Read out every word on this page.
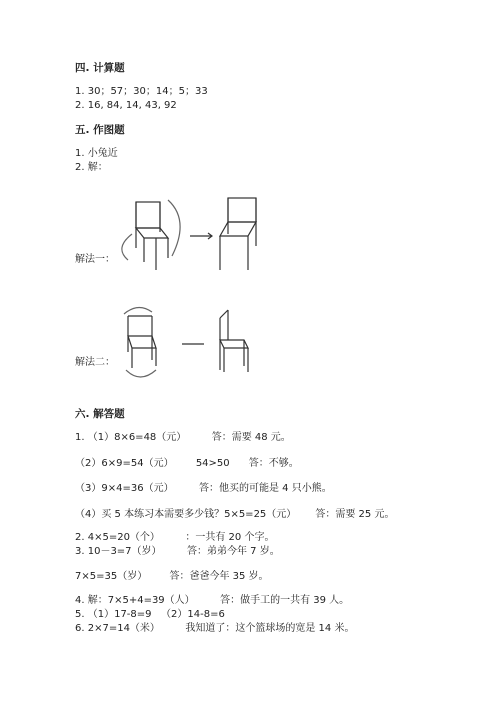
四. 计算题
1. 30；57；30；14；5；33
2. 16, 84, 14, 43, 92
五. 作图题
1. 小兔近
2. 解：
解法一：
解法二：
六. 解答题
1. （1）8×6=48（元）        答：需要 48 元。
（2）6×9=54（元）       54>50      答：不够。
（3）9×4=36（元）        答：他买的可能是 4 只小熊。
（4）买 5 本练习本需要多少钱？5×5=25（元）      答：需要 25 元。
2. 4×5=20（个）        ：一共有 20 个字。
3. 10－3=7（岁）        答：弟弟今年 7 岁。
7×5=35（岁）       答：爸爸今年 35 岁。
4. 解：7×5+4=39（人）        答：做手工的一共有 39 人。
5. （1）17-8=9   （2）14-8=6
6. 2×7=14（米）        我知道了：这个篮球场的宽是 14 米。
